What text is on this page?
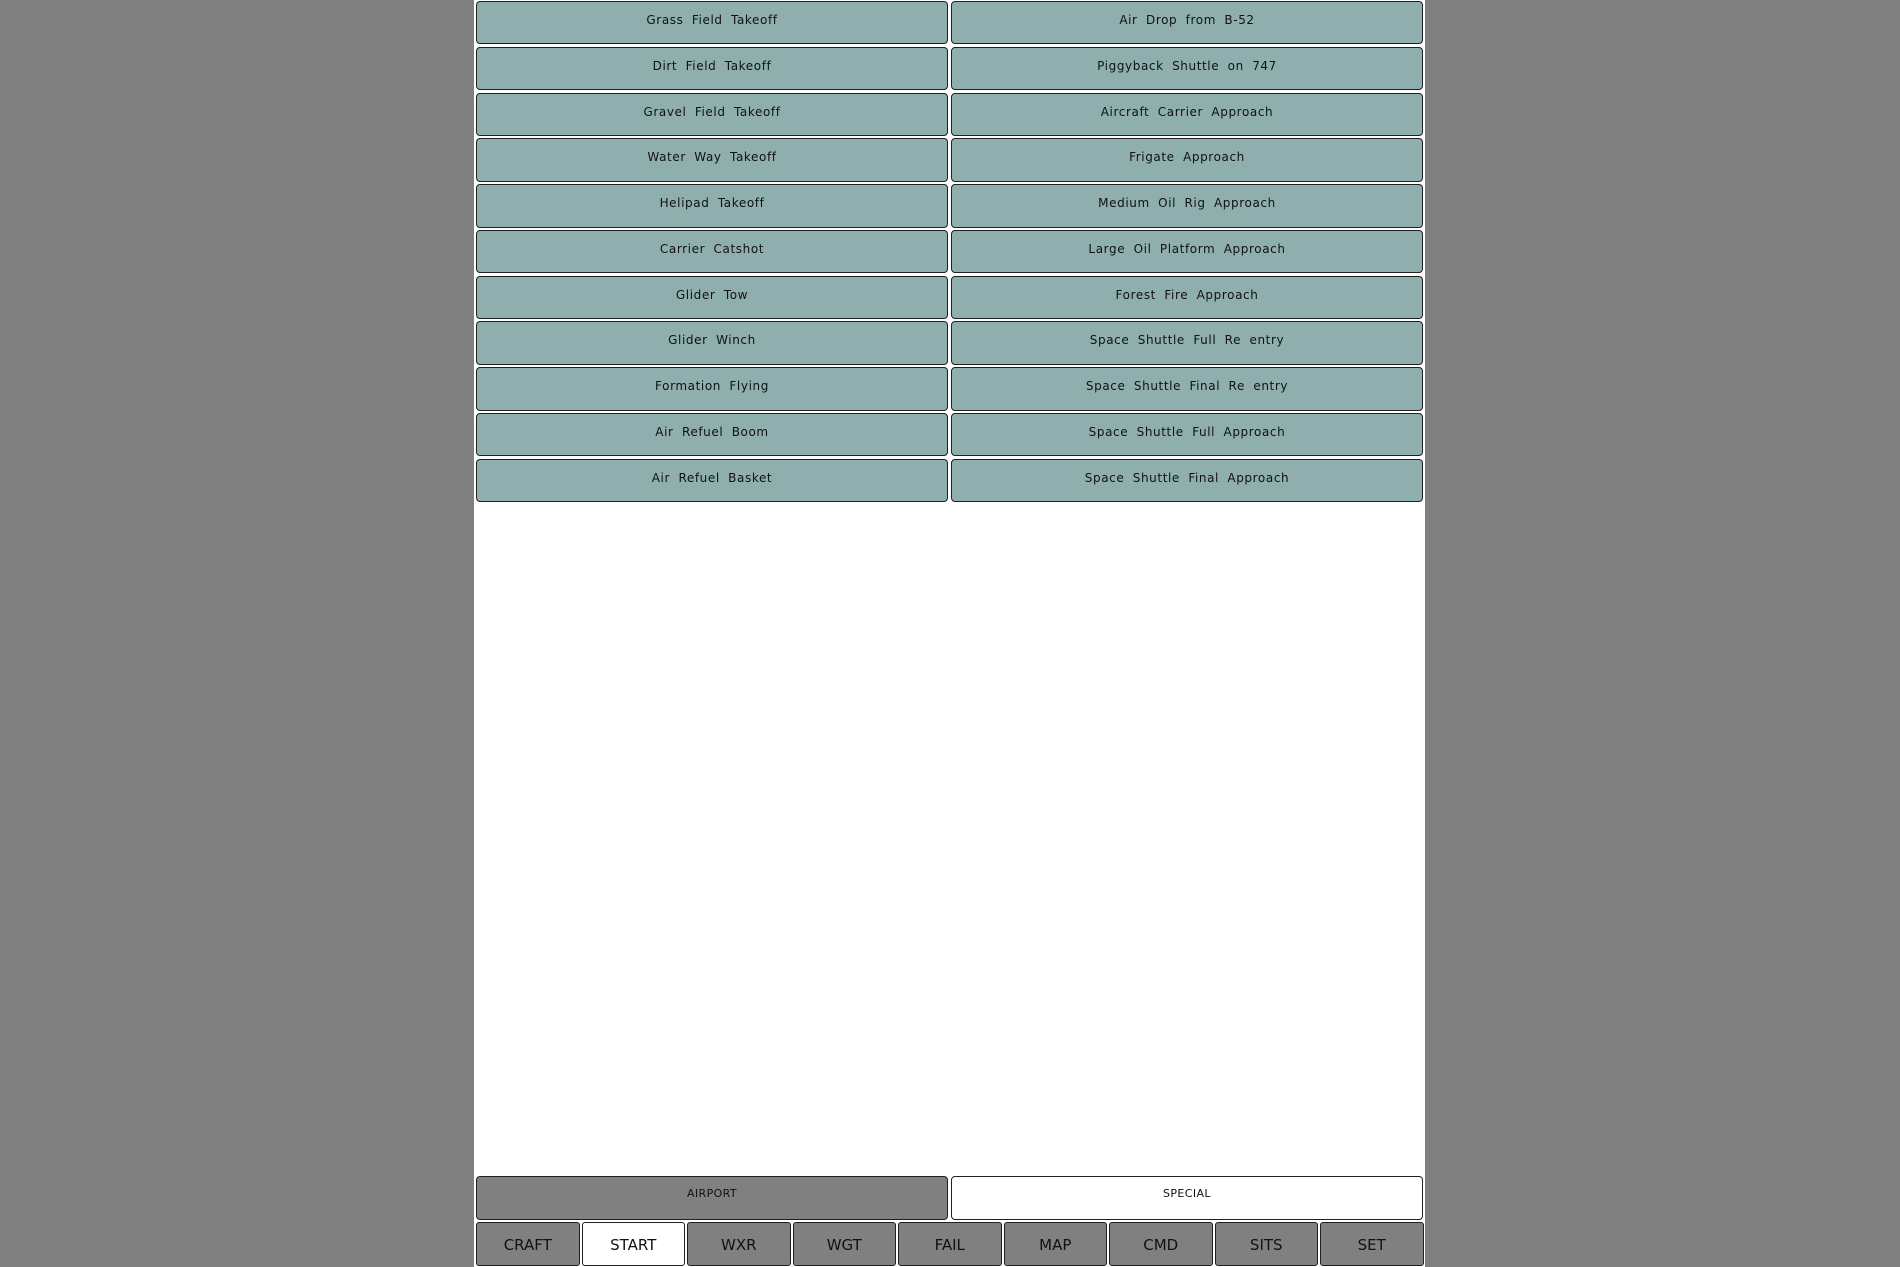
Grass Field Takeoff	Air Drop from B-52
Dirt Field Takeoff	Piggyback Shuttle on 747
Gravel Field Takeoff	Aircraft Carrier Approach
Water Way Takeoff	Frigate Approach
Helipad Takeoff	Medium Oil Rig Approach
Carrier Catshot	Large Oil Platform Approach
Glider Tow	Forest Fire Approach
Glider Winch	Space Shuttle Full Re entry
Formation Flying	Space Shuttle Final Re entry
Air Refuel Boom	Space Shuttle Full Approach
Air Refuel Basket	Space Shuttle Final Approach
AIRPORT	SPECIAL
CRAFT	START	WXR	WGT	FAIL	MAP	CMD	SITS	SET
